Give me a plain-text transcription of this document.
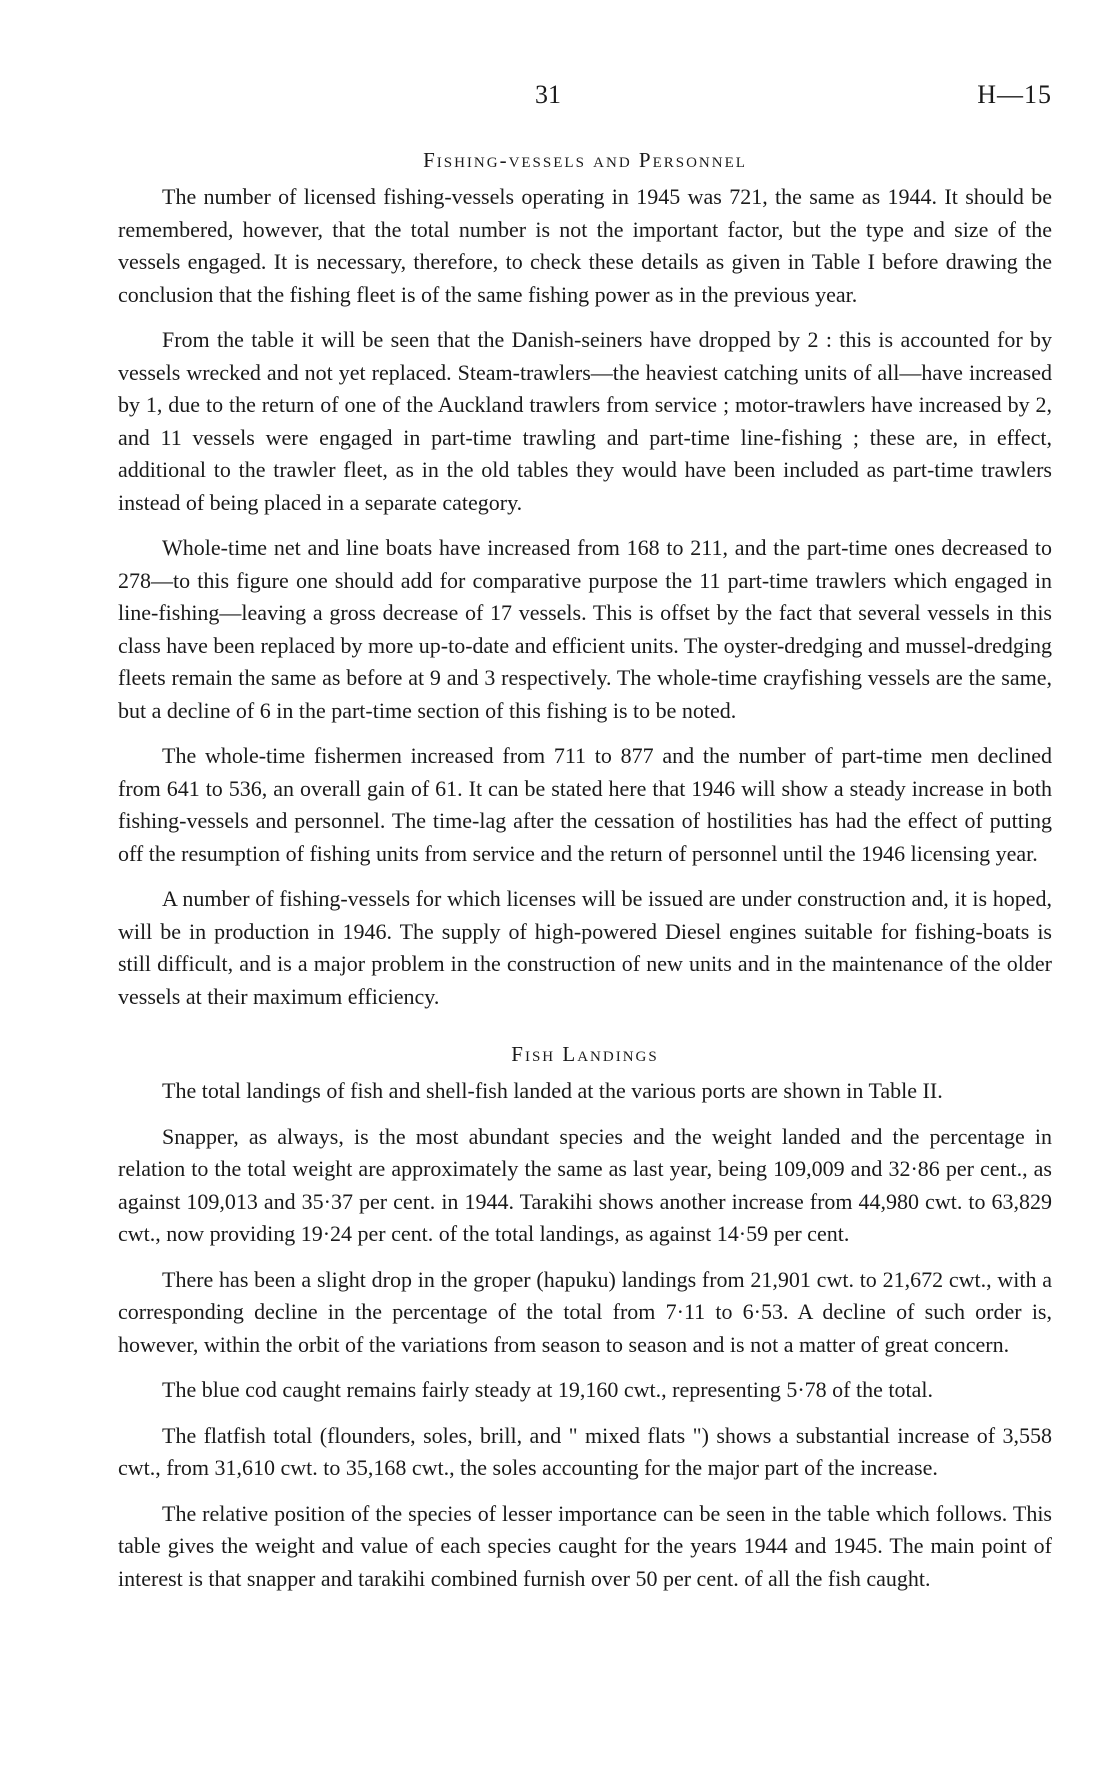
31	H—15
Fishing-vessels and Personnel

The number of licensed fishing-vessels operating in 1945 was 721, the same as 1944. It should be remembered, however, that the total number is not the important factor, but the type and size of the vessels engaged. It is necessary, therefore, to check these details as given in Table I before drawing the conclusion that the fishing fleet is of the same fishing power as in the previous year.

From the table it will be seen that the Danish-seiners have dropped by 2 : this is accounted for by vessels wrecked and not yet replaced. Steam-trawlers—the heaviest catching units of all—have increased by 1, due to the return of one of the Auckland trawlers from service ; motor-trawlers have increased by 2, and 11 vessels were engaged in part-time trawling and part-time line-fishing ; these are, in effect, additional to the trawler fleet, as in the old tables they would have been included as part-time trawlers instead of being placed in a separate category.

Whole-time net and line boats have increased from 168 to 211, and the part-time ones decreased to 278—to this figure one should add for comparative purpose the 11 part-time trawlers which engaged in line-fishing—leaving a gross decrease of 17 vessels. This is offset by the fact that several vessels in this class have been replaced by more up-to-date and efficient units. The oyster-dredging and mussel-dredging fleets remain the same as before at 9 and 3 respectively. The whole-time crayfishing vessels are the same, but a decline of 6 in the part-time section of this fishing is to be noted.

The whole-time fishermen increased from 711 to 877 and the number of part-time men declined from 641 to 536, an overall gain of 61. It can be stated here that 1946 will show a steady increase in both fishing-vessels and personnel. The time-lag after the cessation of hostilities has had the effect of putting off the resumption of fishing units from service and the return of personnel until the 1946 licensing year.

A number of fishing-vessels for which licenses will be issued are under construction and, it is hoped, will be in production in 1946. The supply of high-powered Diesel engines suitable for fishing-boats is still difficult, and is a major problem in the construction of new units and in the maintenance of the older vessels at their maximum efficiency.

Fish Landings

The total landings of fish and shell-fish landed at the various ports are shown in Table II.

Snapper, as always, is the most abundant species and the weight landed and the percentage in relation to the total weight are approximately the same as last year, being 109,009 and 32·86 per cent., as against 109,013 and 35·37 per cent. in 1944. Tarakihi shows another increase from 44,980 cwt. to 63,829 cwt., now providing 19·24 per cent. of the total landings, as against 14·59 per cent.

There has been a slight drop in the groper (hapuku) landings from 21,901 cwt. to 21,672 cwt., with a corresponding decline in the percentage of the total from 7·11 to 6·53. A decline of such order is, however, within the orbit of the variations from season to season and is not a matter of great concern.

The blue cod caught remains fairly steady at 19,160 cwt., representing 5·78 of the total.

The flatfish total (flounders, soles, brill, and " mixed flats ") shows a substantial increase of 3,558 cwt., from 31,610 cwt. to 35,168 cwt., the soles accounting for the major part of the increase.

The relative position of the species of lesser importance can be seen in the table which follows. This table gives the weight and value of each species caught for the years 1944 and 1945. The main point of interest is that snapper and tarakihi combined furnish over 50 per cent. of all the fish caught.
